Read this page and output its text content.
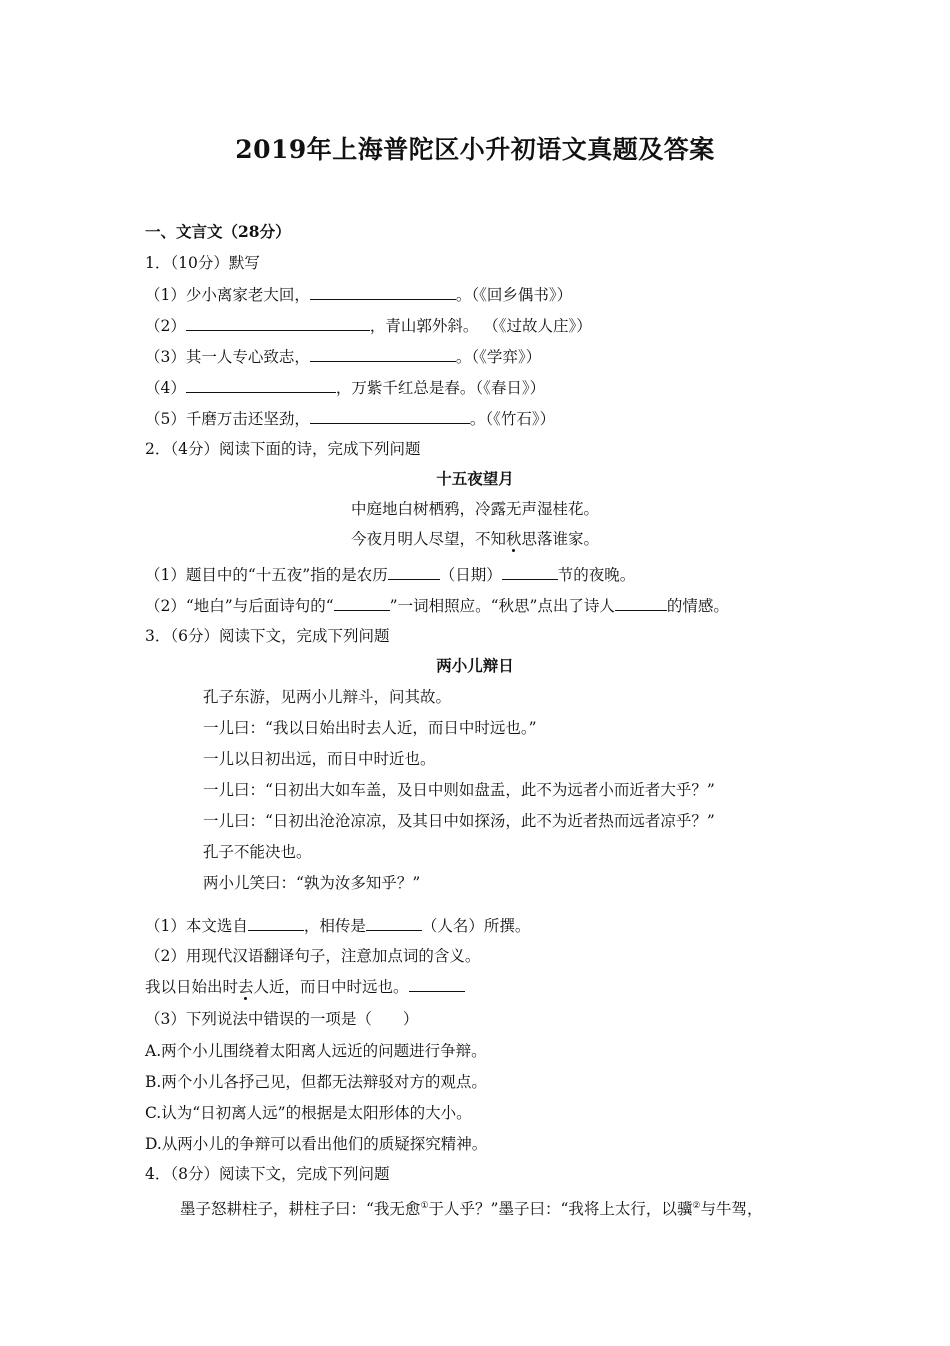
2019年上海普陀区小升初语文真题及答案
一、文言文（28分）
1．（10分）默写
（1）少小离家老大回，	。（《回乡偶书》）
（2）	，青山郭外斜。 （《过故人庄》）
（3）其一人专心致志，	。（《学弈》）
（4）	，万紫千红总是春。（《春日》）
（5）千磨万击还坚劲，	。（《竹石》）
2．（4分）阅读下面的诗，完成下列问题
十五夜望月
中庭地白树栖鸦，冷露无声湿桂花。
今夜月明人尽望，不知秋思落谁家。
（1）题目中的“十五夜”指的是农历	（日期）	节的夜晚。
（2）“地白”与后面诗句的“	”一词相照应。“秋思”点出了诗人	的情感。
3．（6分）阅读下文，完成下列问题
两小儿辩日
孔子东游，见两小儿辩斗，问其故。
一儿曰：“我以日始出时去人近，而日中时远也。”
一儿以日初出远，而日中时近也。
一儿曰：“日初出大如车盖，及日中则如盘盂，此不为远者小而近者大乎？”
一儿曰：“日初出沧沧凉凉，及其日中如探汤，此不为近者热而远者凉乎？”
孔子不能决也。
两小儿笑曰：“孰为汝多知乎？”
（1）本文选自	，相传是	（人名）所撰。
（2）用现代汉语翻译句子，注意加点词的含义。
我以日始出时去人近，而日中时远也。
（3）下列说法中错误的一项是（　　）
A.两个小儿围绕着太阳离人远近的问题进行争辩。
B.两个小儿各抒己见，但都无法辩驳对方的观点。
C.认为“日初离人远”的根据是太阳形体的大小。
D.从两小儿的争辩可以看出他们的质疑探究精神。
4．（8分）阅读下文，完成下列问题
墨子怒耕柱子，耕柱子曰：“我无愈①于人乎？”墨子曰：“我将上太行，以骥②与牛驾，
